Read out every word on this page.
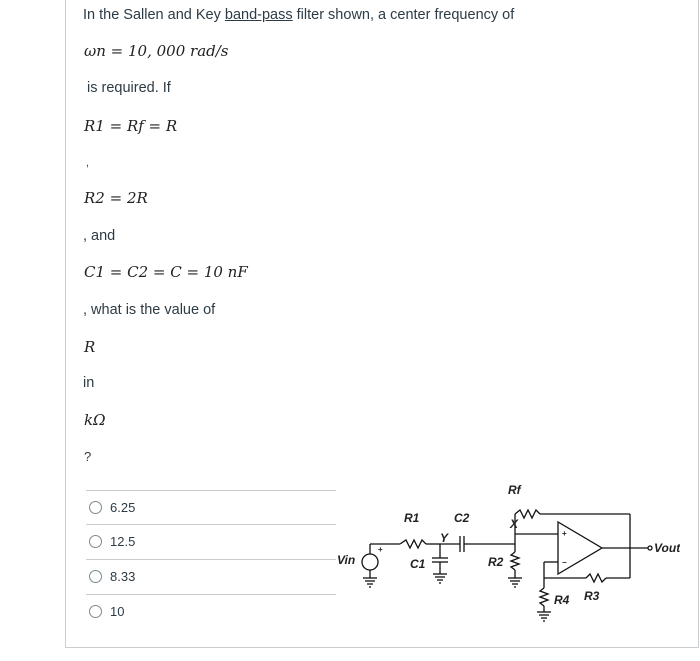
In the Sallen and Key band-pass filter shown, a center frequency of
ωn = 10, 000 rad/s
is required. If
R1 = Rf = R
,
R2 = 2R
, and
C1 = C2 = C = 10 nF
, what is the value of
R
in
kΩ
?
6.25
12.5
8.33
10
Vin
+
R1	C2
Rf
X
Y
C1	R2
+
−
Vout
R4 R3
